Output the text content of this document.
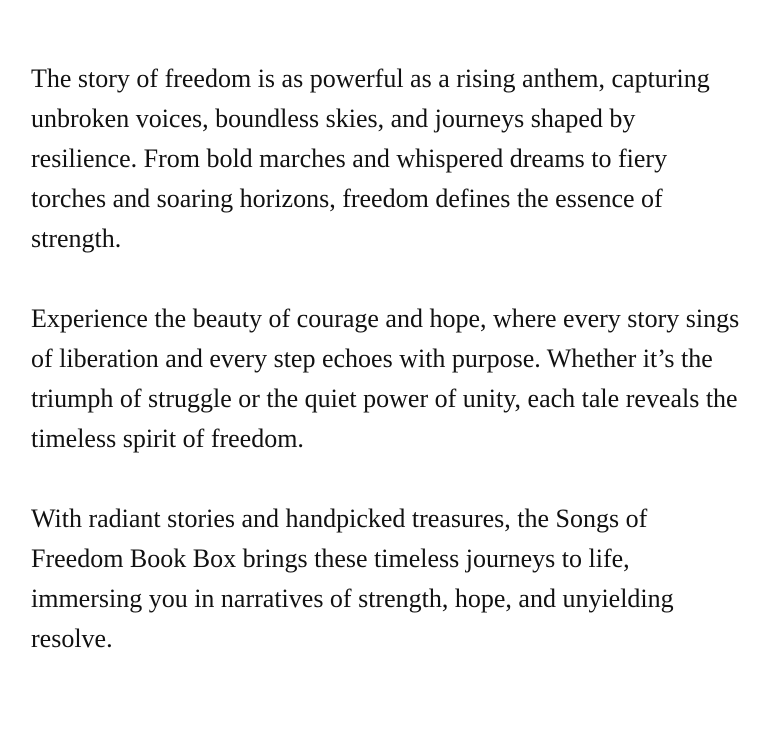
The story of freedom is as powerful as a rising anthem, capturing unbroken voices, boundless skies, and journeys shaped by resilience. From bold marches and whispered dreams to fiery torches and soaring horizons, freedom defines the essence of strength.

Experience the beauty of courage and hope, where every story sings of liberation and every step echoes with purpose. Whether it’s the triumph of struggle or the quiet power of unity, each tale reveals the timeless spirit of freedom.

With radiant stories and handpicked treasures, the Songs of Freedom Book Box brings these timeless journeys to life, immersing you in narratives of strength, hope, and unyielding resolve.
